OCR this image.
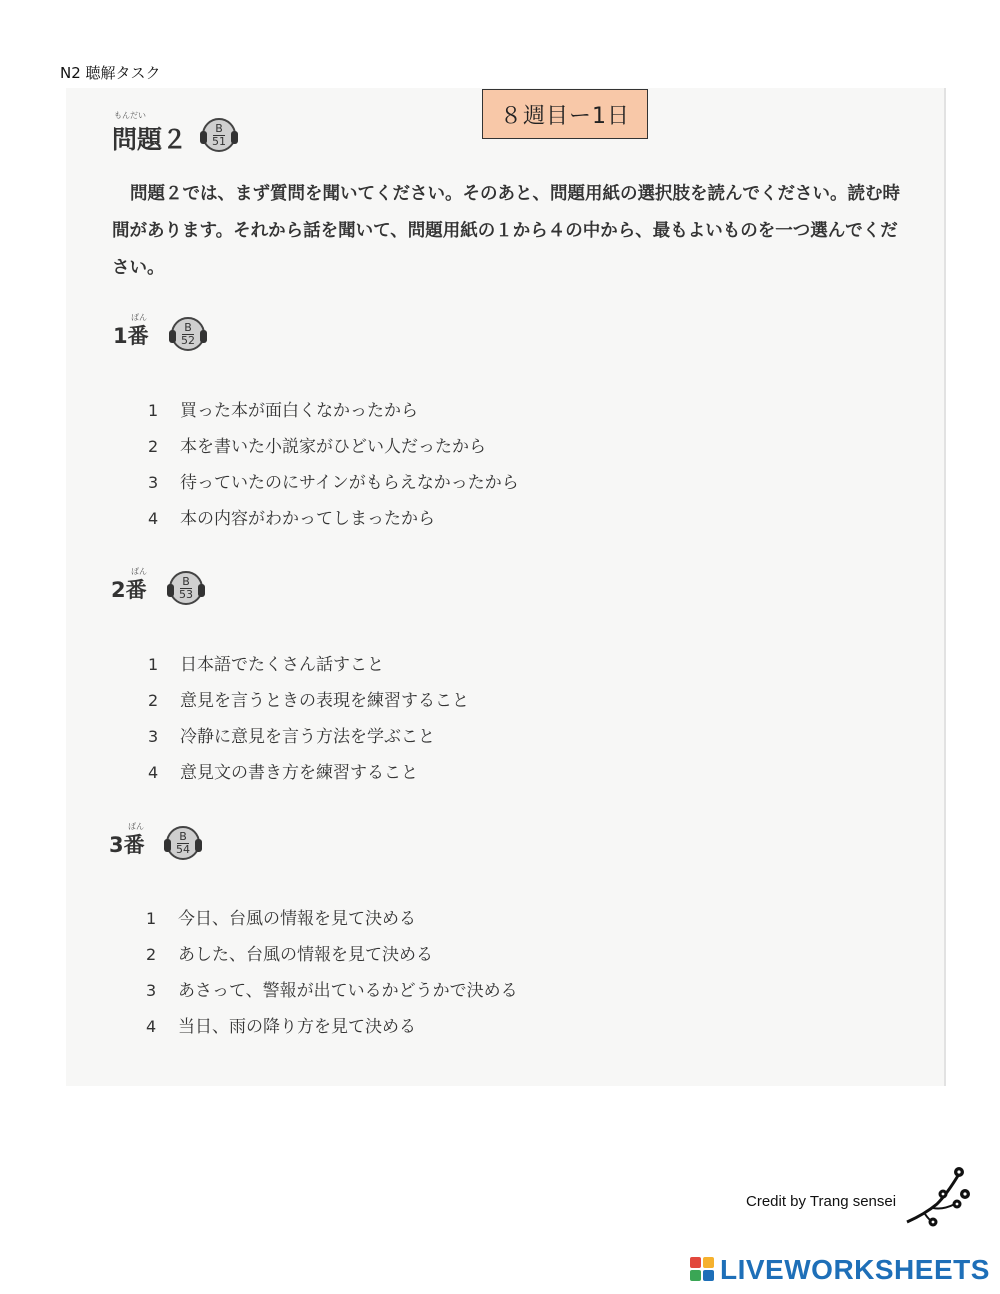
N2 聴解タスク
８週目ー1日
もんだい
問題２	B
51
問題２では、まず質問を聞いてください。そのあと、問題用紙の選択肢を読んでください。読む時間があります。それから話を聞いて、問題用紙の１から４の中から、最もよいものを一つ選んでください。
ばん
1番	B
52
1 買った本が面白くなかったから
2 本を書いた小説家がひどい人だったから
3 待っていたのにサインがもらえなかったから
4 本の内容がわかってしまったから
ばん
2番	B
53
1 日本語でたくさん話すこと
2 意見を言うときの表現を練習すること
3 冷静に意見を言う方法を学ぶこと
4 意見文の書き方を練習すること
ばん
3番	B
54
1 今日、台風の情報を見て決める
2 あした、台風の情報を見て決める
3 あさって、警報が出ているかどうかで決める
4 当日、雨の降り方を見て決める
Credit by Trang sensei
LIVEWORKSHEETS
